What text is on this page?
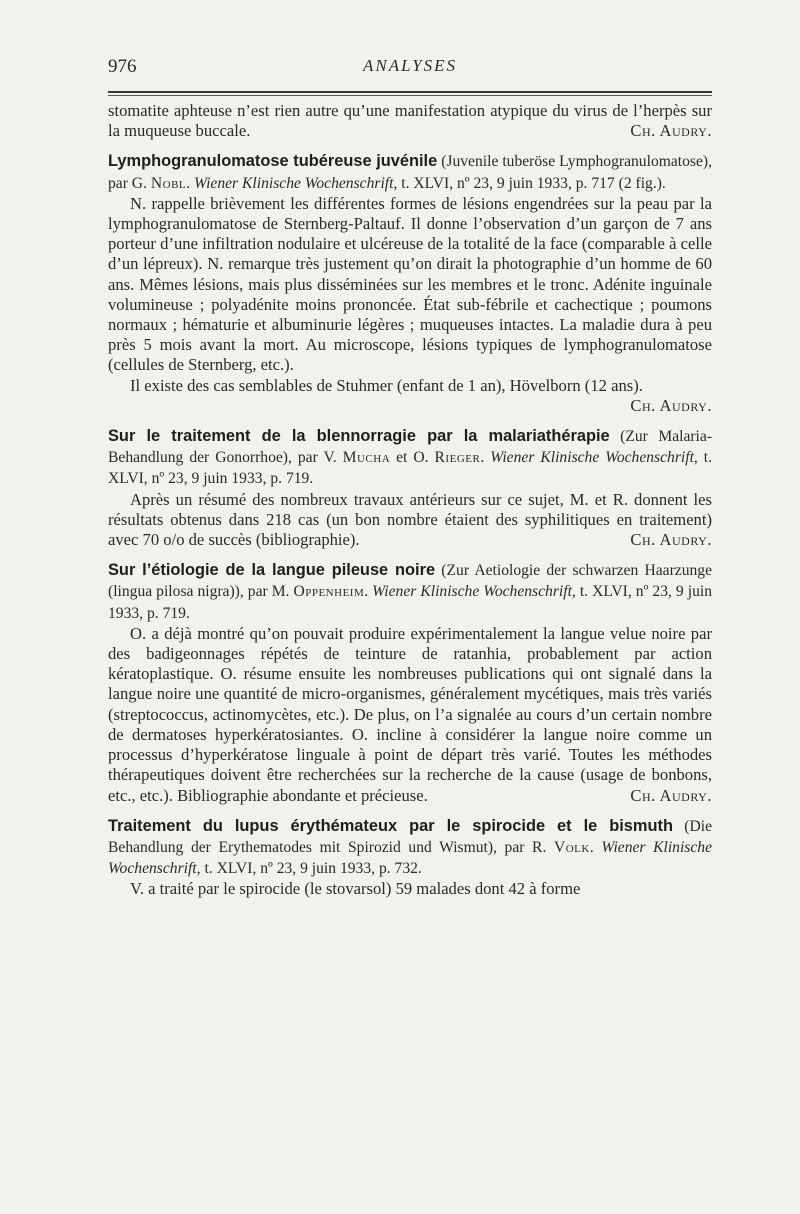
976	ANALYSES

stomatite aphteuse n’est rien autre qu’une manifestation atypique du virus de l’herpès sur la muqueuse buccale.	Ch. Audry.

Lymphogranulomatose tubéreuse juvénile (Juvenile tuberöse Lymphogranulomatose), par G. Nobl. Wiener Klinische Wochenschrift, t. XLVI, nº 23, 9 juin 1933, p. 717 (2 fig.).

N. rappelle brièvement les différentes formes de lésions engendrées sur la peau par la lymphogranulomatose de Sternberg-Paltauf. Il donne l’observation d’un garçon de 7 ans porteur d’une infiltration nodulaire et ulcéreuse de la totalité de la face (comparable à celle d’un lépreux). N. remarque très justement qu’on dirait la photographie d’un homme de 60 ans. Mêmes lésions, mais plus disséminées sur les membres et le tronc. Adénite inguinale volumineuse ; polyadénite moins prononcée. État sub-fébrile et cachectique ; poumons normaux ; hématurie et albuminurie légères ; muqueuses intactes. La maladie dura à peu près 5 mois avant la mort. Au microscope, lésions typiques de lymphogranulomatose (cellules de Sternberg, etc.).

Il existe des cas semblables de Stuhmer (enfant de 1 an), Hövelborn (12 ans).
Ch. Audry.

Sur le traitement de la blennorragie par la malariathérapie (Zur Malaria-Behandlung der Gonorrhoe), par V. Mucha et O. Rieger. Wiener Klinische Wochenschrift, t. XLVI, nº 23, 9 juin 1933, p. 719.

Après un résumé des nombreux travaux antérieurs sur ce sujet, M. et R. donnent les résultats obtenus dans 218 cas (un bon nombre étaient des syphilitiques en traitement) avec 70 o/o de succès (bibliographie).	Ch. Audry.

Sur l’étiologie de la langue pileuse noire (Zur Aetiologie der schwarzen Haarzunge (lingua pilosa nigra)), par M. Oppenheim. Wiener Klinische Wochenschrift, t. XLVI, nº 23, 9 juin 1933, p. 719.

O. a déjà montré qu’on pouvait produire expérimentalement la langue velue noire par des badigeonnages répétés de teinture de ratanhia, probablement par action kératoplastique. O. résume ensuite les nombreuses publications qui ont signalé dans la langue noire une quantité de micro-organismes, généralement mycétiques, mais très variés (streptococcus, actinomycètes, etc.). De plus, on l’a signalée au cours d’un certain nombre de dermatoses hyperkératosiantes. O. incline à considérer la langue noire comme un processus d’hyperkératose linguale à point de départ très varié. Toutes les méthodes thérapeutiques doivent être recherchées sur la recherche de la cause (usage de bonbons, etc., etc.). Bibliographie abondante et précieuse.	Ch. Audry.

Traitement du lupus érythémateux par le spirocide et le bismuth (Die Behandlung der Erythematodes mit Spirozid und Wismut), par R. Volk. Wiener Klinische Wochenschrift, t. XLVI, nº 23, 9 juin 1933, p. 732.

V. a traité par le spirocide (le stovarsol) 59 malades dont 42 à forme
